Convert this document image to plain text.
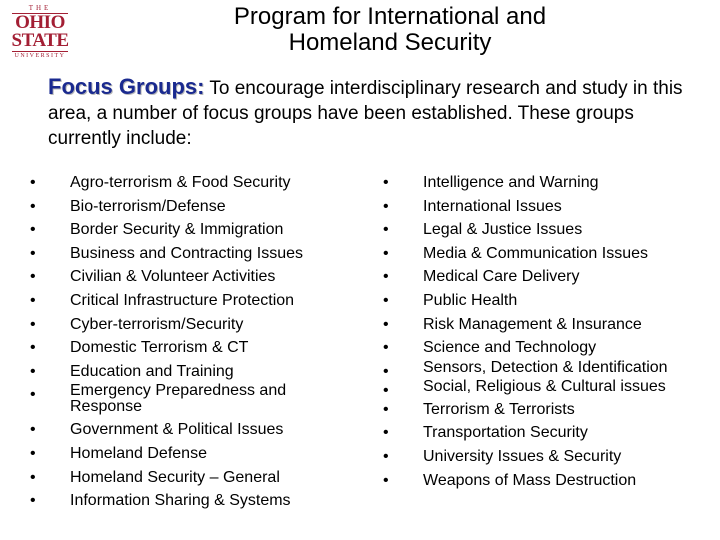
THE
OHIO
STATE
UNIVERSITY
Program for International and
Homeland Security
Focus Groups: To encourage interdisciplinary research and study in this area, a number of focus groups have been established. These groups currently include:
• Agro-terrorism & Food Security
• Bio-terrorism/Defense
• Border Security & Immigration
• Business and Contracting Issues
• Civilian & Volunteer Activities
• Critical Infrastructure Protection
• Cyber-terrorism/Security
• Domestic Terrorism & CT
• Education and Training
• Emergency Preparedness and Response
• Government & Political Issues
• Homeland Defense
• Homeland Security – General
• Information Sharing & Systems
• Intelligence and Warning
• International Issues
• Legal & Justice Issues
• Media & Communication Issues
• Medical Care Delivery
• Public Health
• Risk Management & Insurance
• Science and Technology
• Sensors, Detection & Identification
• Social, Religious & Cultural issues
• Terrorism & Terrorists
• Transportation Security
• University Issues & Security
• Weapons of Mass Destruction
